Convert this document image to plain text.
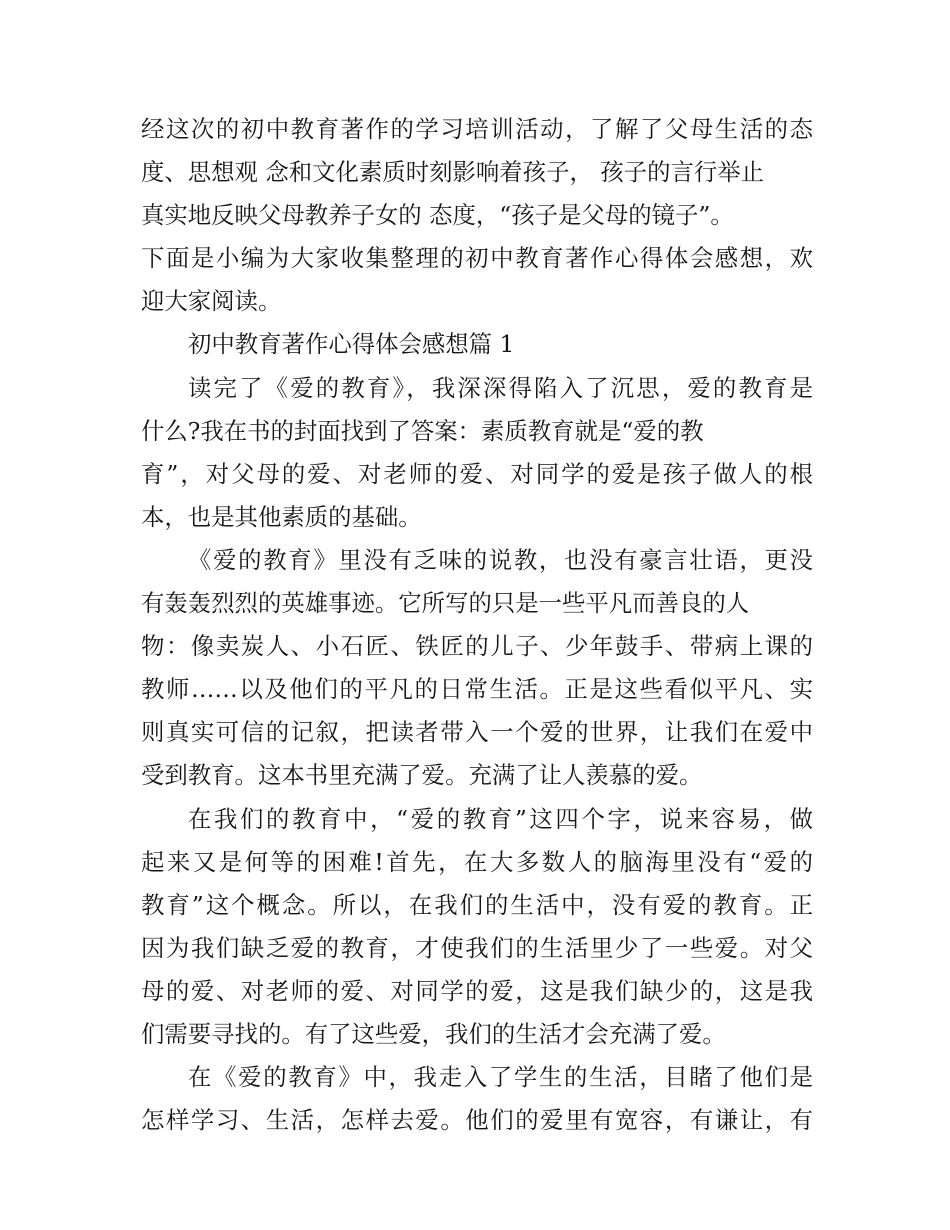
经这次的初中教育著作的学习培训活动，了解了父母生活的态
度、思想观 念和文化素质时刻影响着孩子， 孩子的言行举止
真实地反映父母教养子女的 态度，“孩子是父母的镜子”。
下面是小编为大家收集整理的初中教育著作心得体会感想，欢
迎大家阅读。
初中教育著作心得体会感想篇 1
读完了《爱的教育》，我深深得陷入了沉思，爱的教育是
什么?我在书的封面找到了答案：素质教育就是“爱的教
育”，对父母的爱、对老师的爱、对同学的爱是孩子做人的根
本，也是其他素质的基础。
《爱的教育》里没有乏味的说教，也没有豪言壮语，更没
有轰轰烈烈的英雄事迹。它所写的只是一些平凡而善良的人
物：像卖炭人、小石匠、铁匠的儿子、少年鼓手、带病上课的
教师……以及他们的平凡的日常生活。正是这些看似平凡、实
则真实可信的记叙，把读者带入一个爱的世界，让我们在爱中
受到教育。这本书里充满了爱。充满了让人羡慕的爱。
在我们的教育中，“爱的教育”这四个字，说来容易，做
起来又是何等的困难!首先，在大多数人的脑海里没有“爱的
教育”这个概念。所以，在我们的生活中，没有爱的教育。正
因为我们缺乏爱的教育，才使我们的生活里少了一些爱。对父
母的爱、对老师的爱、对同学的爱，这是我们缺少的，这是我
们需要寻找的。有了这些爱，我们的生活才会充满了爱。
在《爱的教育》中，我走入了学生的生活，目睹了他们是
怎样学习、生活，怎样去爱。他们的爱里有宽容，有谦让，有
